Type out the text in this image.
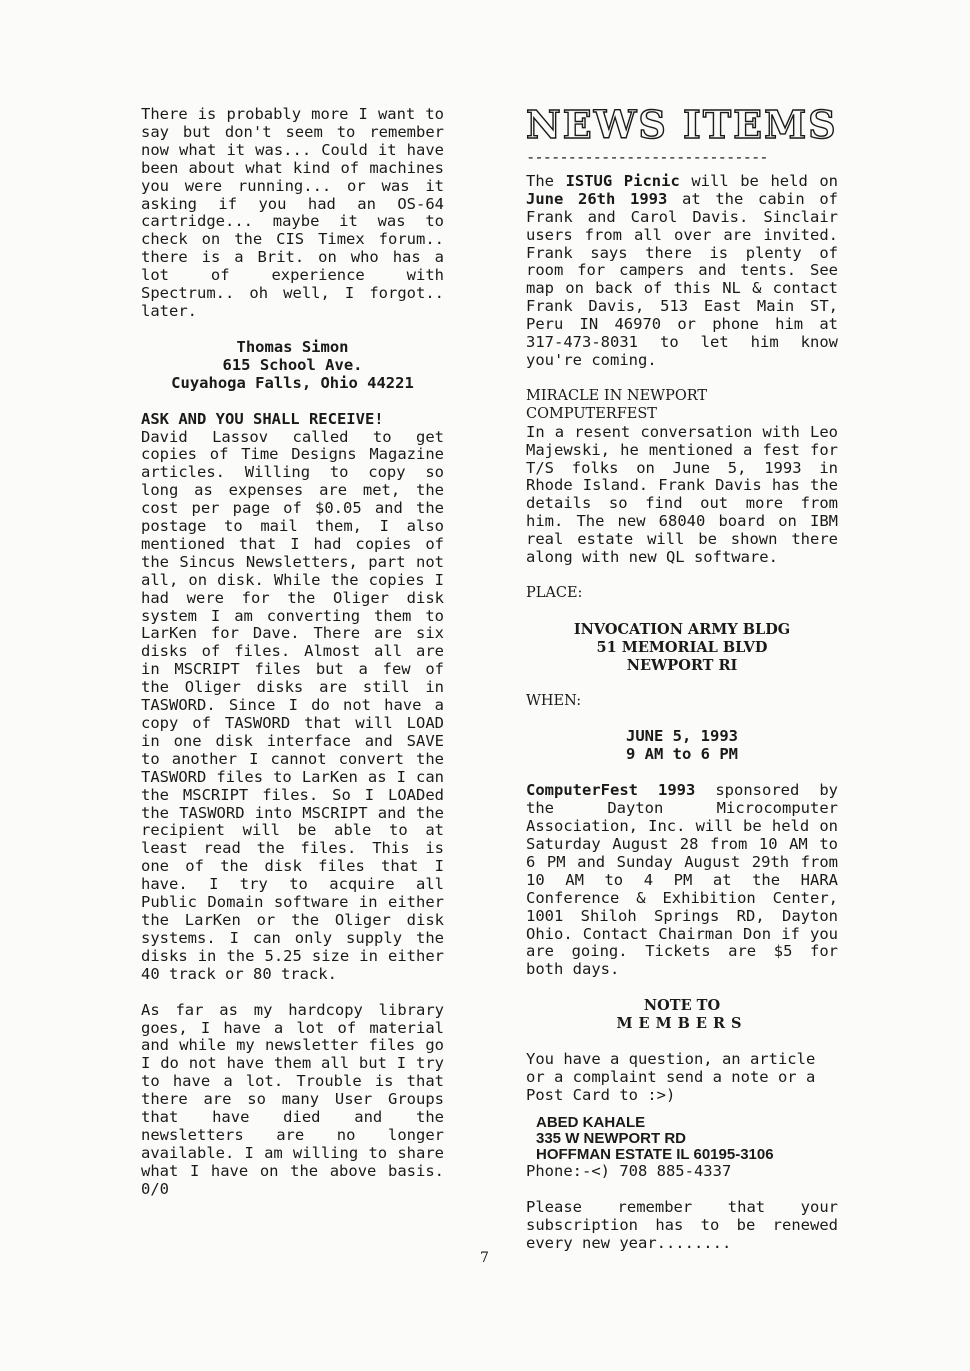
There is probably more I want to say but don't seem to remember now what it was... Could it have been about what kind of machines you were running... or was it asking if you had an OS-64 cartridge... maybe it was to check on the CIS Timex forum.. there is a Brit. on who has a lot of experience with Spectrum.. oh well, I forgot.. later.

Thomas Simon
615 School Ave.
Cuyahoga Falls, Ohio 44221
ASK AND YOU SHALL RECEIVE!

David Lassov called to get copies of Time Designs Magazine articles. Willing to copy so long as expenses are met, the cost per page of $0.05 and the postage to mail them, I also mentioned that I had copies of the Sincus Newsletters, part not all, on disk. While the copies I had were for the Oliger disk system I am converting them to LarKen for Dave. There are six disks of files. Almost all are in MSCRIPT files but a few of the Oliger disks are still in TASWORD. Since I do not have a copy of TASWORD that will LOAD in one disk interface and SAVE to another I cannot convert the TASWORD files to LarKen as I can the MSCRIPT files. So I LOADed the TASWORD into MSCRIPT and the recipient will be able to at least read the files. This is one of the disk files that I have. I try to acquire all Public Domain software in either the LarKen or the Oliger disk systems. I can only supply the disks in the 5.25 size in either 40 track or 80 track.

As far as my hardcopy library goes, I have a lot of material and while my newsletter files go I do not have them all but I try to have a lot. Trouble is that there are so many User Groups that have died and the newsletters are no longer available. I am willing to share what I have on the above basis. 0/0

NEWS ITEMS
-----------------------------

The ISTUG Picnic will be held on June 26th 1993 at the cabin of Frank and Carol Davis. Sinclair users from all over are invited. Frank says there is plenty of room for campers and tents. See map on back of this NL & contact Frank Davis, 513 East Main ST, Peru IN 46970 or phone him at 317-473-8031 to let him know you're coming.

MIRACLE IN NEWPORT COMPUTERFEST

In a resent conversation with Leo Majewski, he mentioned a fest for T/S folks on June 5, 1993 in Rhode Island. Frank Davis has the details so find out more from him. The new 68040 board on IBM real estate will be shown there along with new QL software.

PLACE:
INVOCATION ARMY BLDG
51 MEMORIAL BLVD
NEWPORT RI
WHEN:
JUNE 5, 1993
9 AM to 6 PM

ComputerFest 1993 sponsored by the Dayton Microcomputer Association, Inc. will be held on Saturday August 28 from 10 AM to 6 PM and Sunday August 29th from 10 AM to 4 PM at the HARA Conference & Exhibition Center, 1001 Shiloh Springs RD, Dayton Ohio. Contact Chairman Don if you are going. Tickets are $5 for both days.

NOTE TO
MEMBERS

You have a question, an article or a complaint send a note or a Post Card to :>)

ABED KAHALE
335 W NEWPORT RD
HOFFMAN ESTATE IL 60195-3106
Phone:-<) 708 885-4337

Please remember that your subscription has to be renewed every new year........

7
